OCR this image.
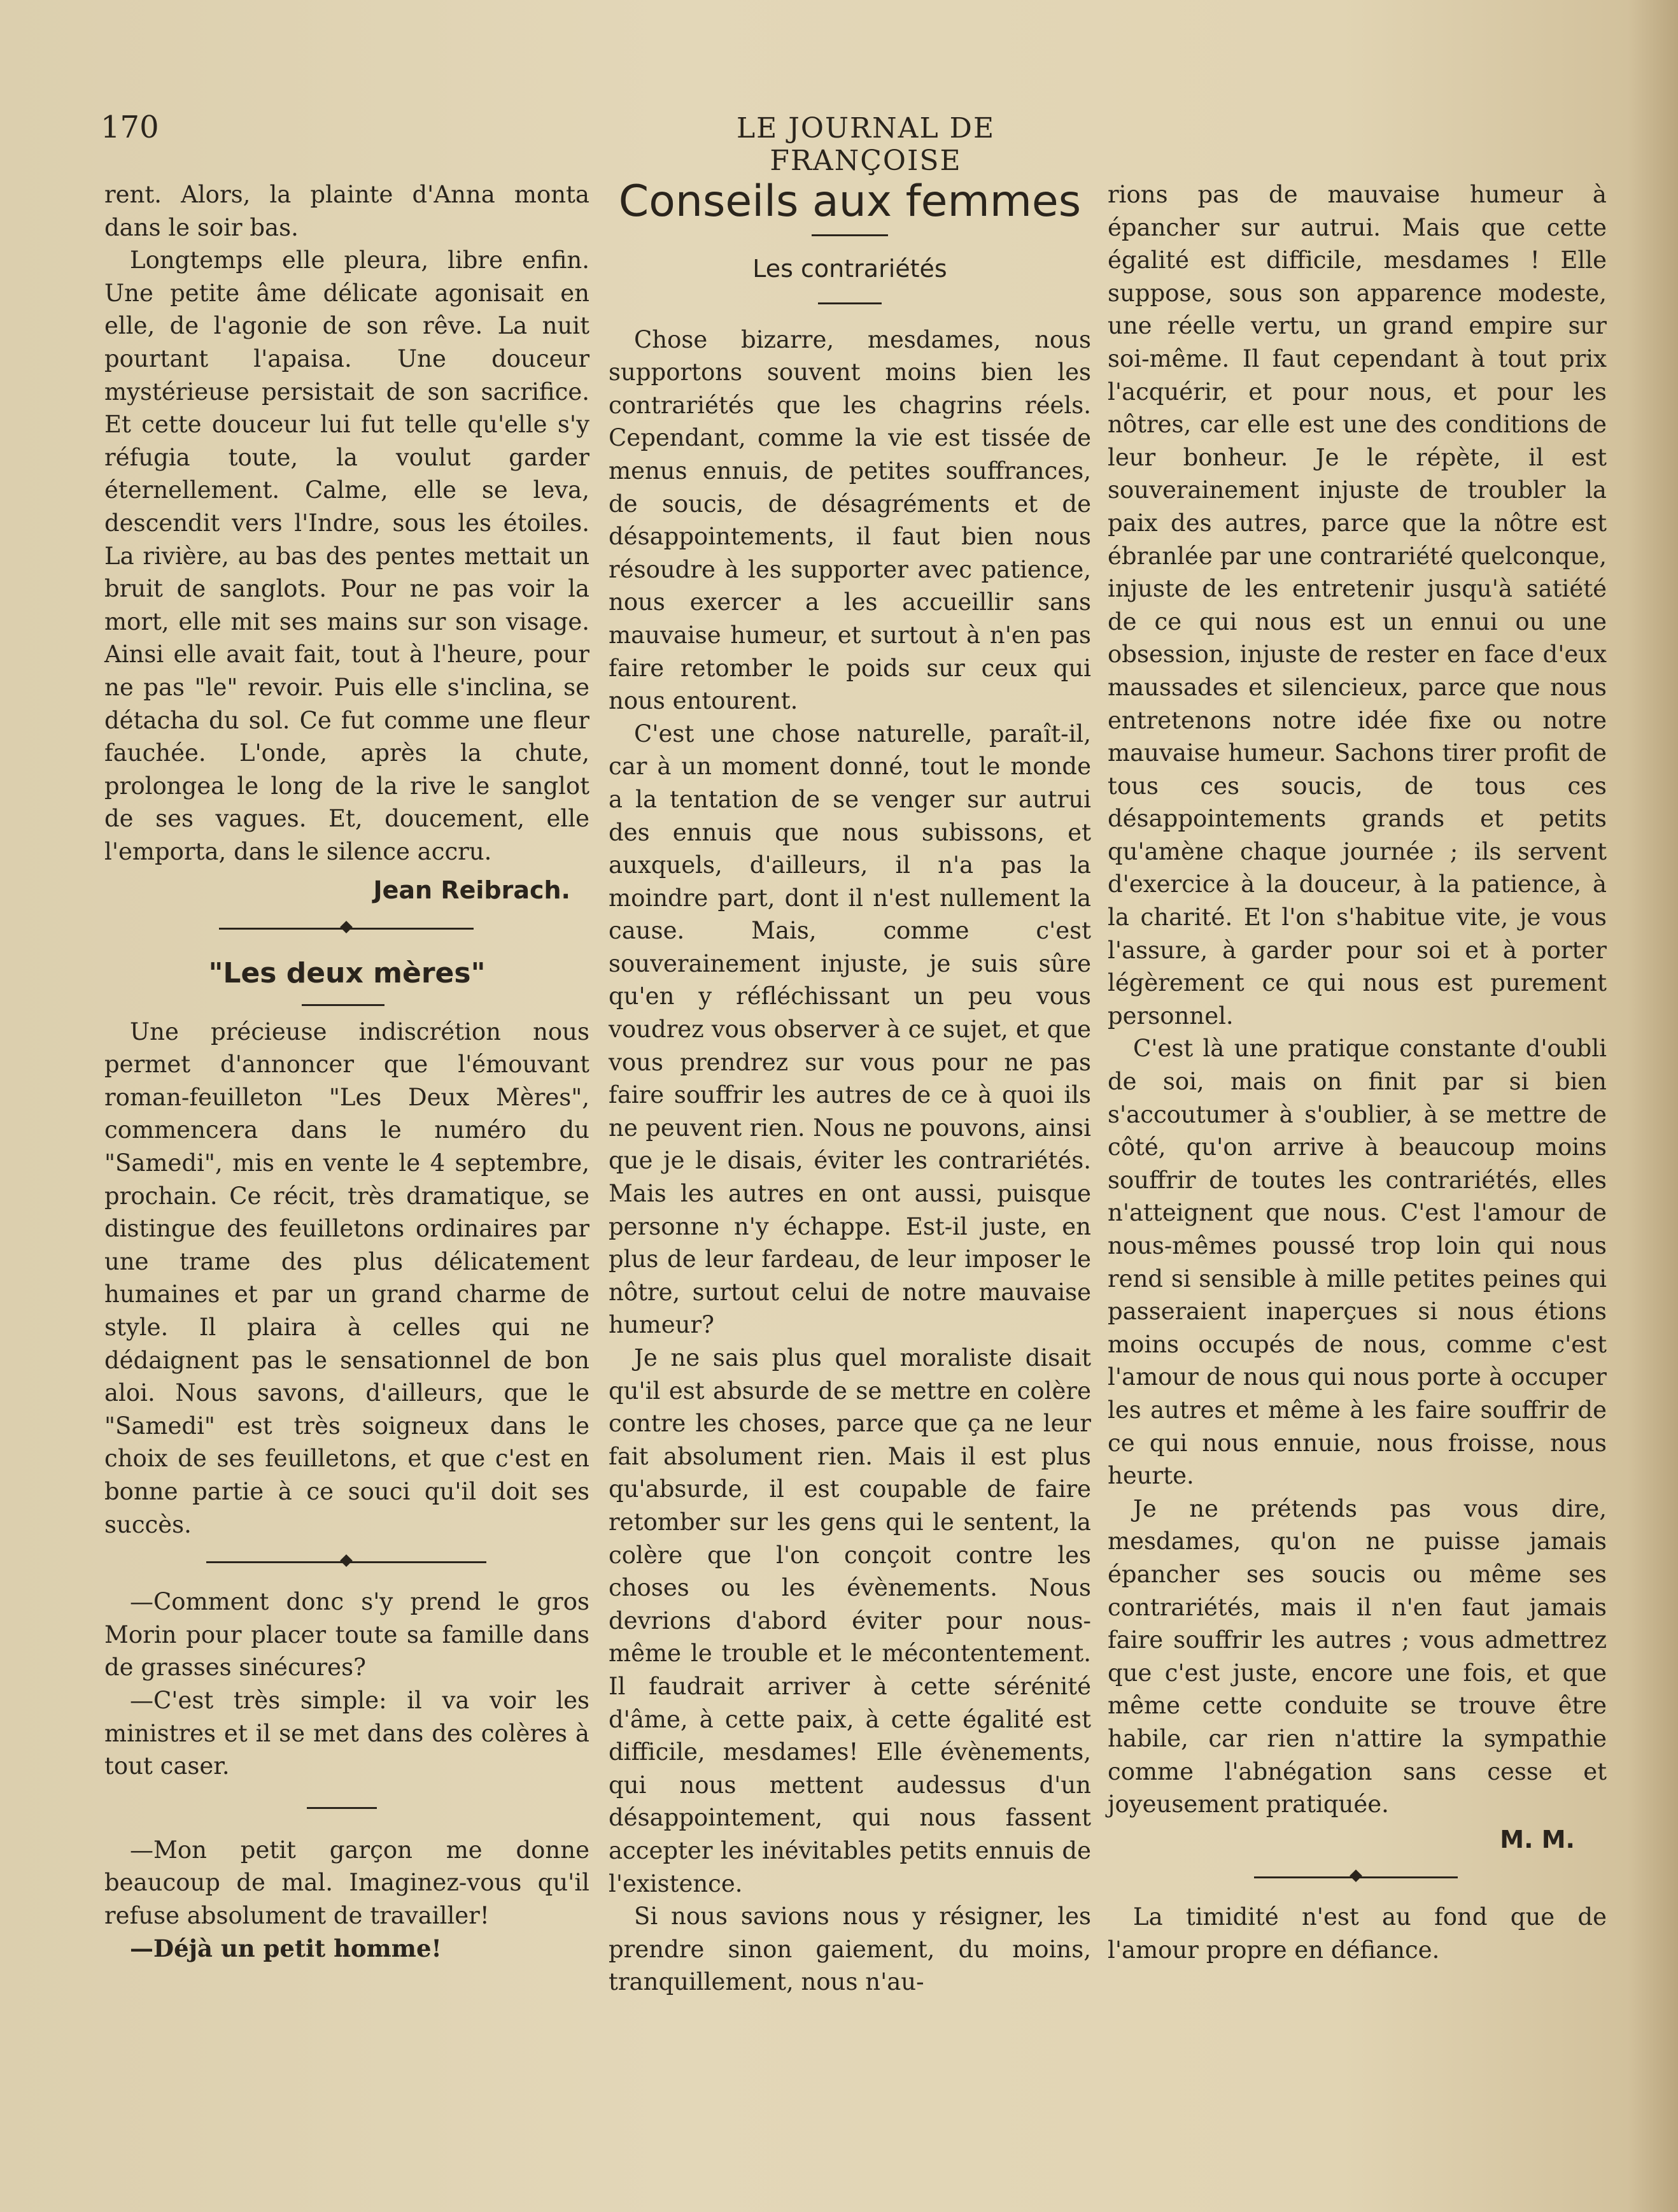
170	LE JOURNAL DE FRANÇOISE

rent. Alors, la plainte d'Anna monta dans le soir bas.

Longtemps elle pleura, libre enfin. Une petite âme délicate agonisait en elle, de l'agonie de son rêve. La nuit pourtant l'apaisa. Une douceur mystérieuse persistait de son sacrifice. Et cette douceur lui fut telle qu'elle s'y réfugia toute, la voulut garder éternellement. Calme, elle se leva, descendit vers l'Indre, sous les étoiles. La rivière, au bas des pentes mettait un bruit de sanglots. Pour ne pas voir la mort, elle mit ses mains sur son visage. Ainsi elle avait fait, tout à l'heure, pour ne pas "le" revoir. Puis elle s'inclina, se détacha du sol. Ce fut comme une fleur fauchée. L'onde, après la chute, prolongea le long de la rive le sanglot de ses vagues. Et, doucement, elle l'emporta, dans le silence accru.

Jean Reibrach.
"Les deux mères"

Une précieuse indiscrétion nous permet d'annoncer que l'émouvant roman-feuilleton "Les Deux Mères", commencera dans le numéro du "Samedi", mis en vente le 4 septembre, prochain. Ce récit, très dramatique, se distingue des feuilletons ordinaires par une trame des plus délicatement humaines et par un grand charme de style. Il plaira à celles qui ne dédaignent pas le sensationnel de bon aloi. Nous savons, d'ailleurs, que le "Samedi" est très soigneux dans le choix de ses feuilletons, et que c'est en bonne partie à ce souci qu'il doit ses succès.

—Comment donc s'y prend le gros Morin pour placer toute sa famille dans de grasses sinécures?

—C'est très simple: il va voir les ministres et il se met dans des colères à tout caser.

—Mon petit garçon me donne beaucoup de mal. Imaginez-vous qu'il refuse absolument de travailler!

—Déjà un petit homme!

Conseils aux femmes
Les contrariétés

Chose bizarre, mesdames, nous supportons souvent moins bien les contrariétés que les chagrins réels. Cependant, comme la vie est tissée de menus ennuis, de petites souffrances, de soucis, de désagréments et de désappointements, il faut bien nous résoudre à les supporter avec patience, nous exercer a les accueillir sans mauvaise humeur, et surtout à n'en pas faire retomber le poids sur ceux qui nous entourent.

C'est une chose naturelle, paraît-il, car à un moment donné, tout le monde a la tentation de se venger sur autrui des ennuis que nous subissons, et auxquels, d'ailleurs, il n'a pas la moindre part, dont il n'est nullement la cause. Mais, comme c'est souverainement injuste, je suis sûre qu'en y réfléchissant un peu vous voudrez vous observer à ce sujet, et que vous prendrez sur vous pour ne pas faire souffrir les autres de ce à quoi ils ne peuvent rien. Nous ne pouvons, ainsi que je le disais, éviter les contrariétés. Mais les autres en ont aussi, puisque personne n'y échappe. Est-il juste, en plus de leur fardeau, de leur imposer le nôtre, surtout celui de notre mauvaise humeur?

Je ne sais plus quel moraliste disait qu'il est absurde de se mettre en colère contre les choses, parce que ça ne leur fait absolument rien. Mais il est plus qu'absurde, il est coupable de faire retomber sur les gens qui le sentent, la colère que l'on conçoit contre les choses ou les évènements. Nous devrions d'abord éviter pour nous-même le trouble et le mécontentement. Il faudrait arriver à cette sérénité d'âme, à cette paix, à cette égalité est difficile, mesdames! Elle évènements, qui nous mettent audessus d'un désappointement, qui nous fassent accepter les inévitables petits ennuis de l'existence.

Si nous savions nous y résigner, les prendre sinon gaiement, du moins, tranquillement, nous n'au-

rions pas de mauvaise humeur à épancher sur autrui. Mais que cette égalité est difficile, mesdames ! Elle suppose, sous son apparence modeste, une réelle vertu, un grand empire sur soi-même. Il faut cependant à tout prix l'acquérir, et pour nous, et pour les nôtres, car elle est une des conditions de leur bonheur. Je le répète, il est souverainement injuste de troubler la paix des autres, parce que la nôtre est ébranlée par une contrariété quelconque, injuste de les entretenir jusqu'à satiété de ce qui nous est un ennui ou une obsession, injuste de rester en face d'eux maussades et silencieux, parce que nous entretenons notre idée fixe ou notre mauvaise humeur. Sachons tirer profit de tous ces soucis, de tous ces désappointements grands et petits qu'amène chaque journée ; ils servent d'exercice à la douceur, à la patience, à la charité. Et l'on s'habitue vite, je vous l'assure, à garder pour soi et à porter légèrement ce qui nous est purement personnel.

C'est là une pratique constante d'oubli de soi, mais on finit par si bien s'accoutumer à s'oublier, à se mettre de côté, qu'on arrive à beaucoup moins souffrir de toutes les contrariétés, elles n'atteignent que nous. C'est l'amour de nous-mêmes poussé trop loin qui nous rend si sensible à mille petites peines qui passeraient inaperçues si nous étions moins occupés de nous, comme c'est l'amour de nous qui nous porte à occuper les autres et même à les faire souffrir de ce qui nous ennuie, nous froisse, nous heurte.

Je ne prétends pas vous dire, mesdames, qu'on ne puisse jamais épancher ses soucis ou même ses contrariétés, mais il n'en faut jamais faire souffrir les autres ; vous admettrez que c'est juste, encore une fois, et que même cette conduite se trouve être habile, car rien n'attire la sympathie comme l'abnégation sans cesse et joyeusement pratiquée.

M. M.

La timidité n'est au fond que de l'amour propre en défiance.
